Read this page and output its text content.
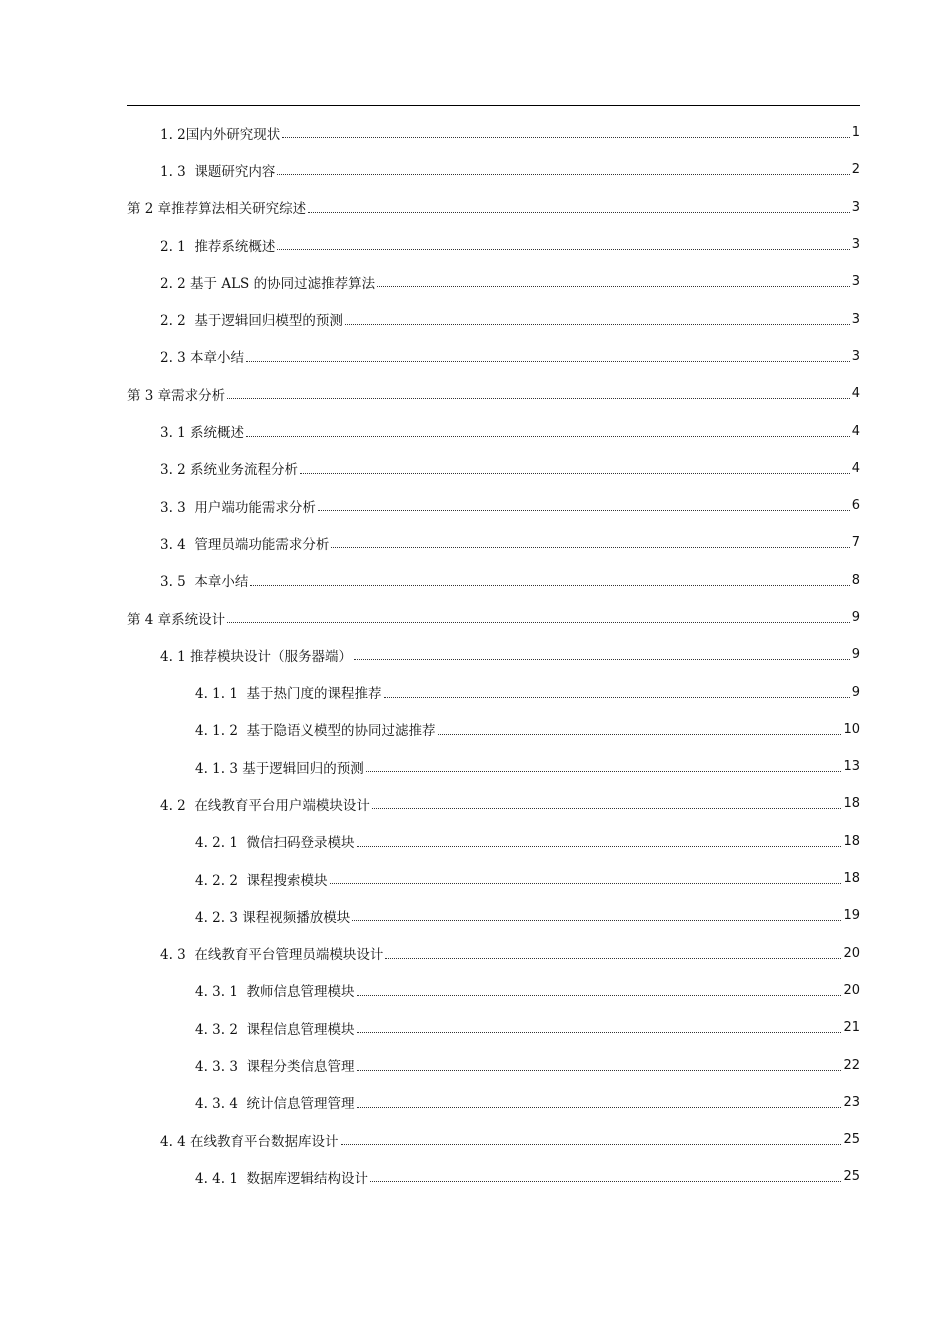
1. 2国内外研究现状	1
1. 3  课题研究内容	2
第 2 章推荐算法相关研究综述	3
2. 1  推荐系统概述	3
2. 2 基于 ALS 的协同过滤推荐算法	3
2. 2  基于逻辑回归模型的预测	3
2. 3 本章小结	3
第 3 章需求分析	4
3. 1 系统概述	4
3. 2 系统业务流程分析	4
3. 3  用户端功能需求分析	6
3. 4  管理员端功能需求分析	7
3. 5  本章小结	8
第 4 章系统设计	9
4. 1 推荐模块设计（服务器端）	9
4. 1. 1  基于热门度的课程推荐	9
4. 1. 2  基于隐语义模型的协同过滤推荐	10
4. 1. 3 基于逻辑回归的预测	13
4. 2  在线教育平台用户端模块设计	18
4. 2. 1  微信扫码登录模块	18
4. 2. 2  课程搜索模块	18
4. 2. 3 课程视频播放模块	19
4. 3  在线教育平台管理员端模块设计	20
4. 3. 1  教师信息管理模块	20
4. 3. 2  课程信息管理模块	21
4. 3. 3  课程分类信息管理	22
4. 3. 4  统计信息管理管理	23
4. 4 在线教育平台数据库设计	25
4. 4. 1  数据库逻辑结构设计	25
